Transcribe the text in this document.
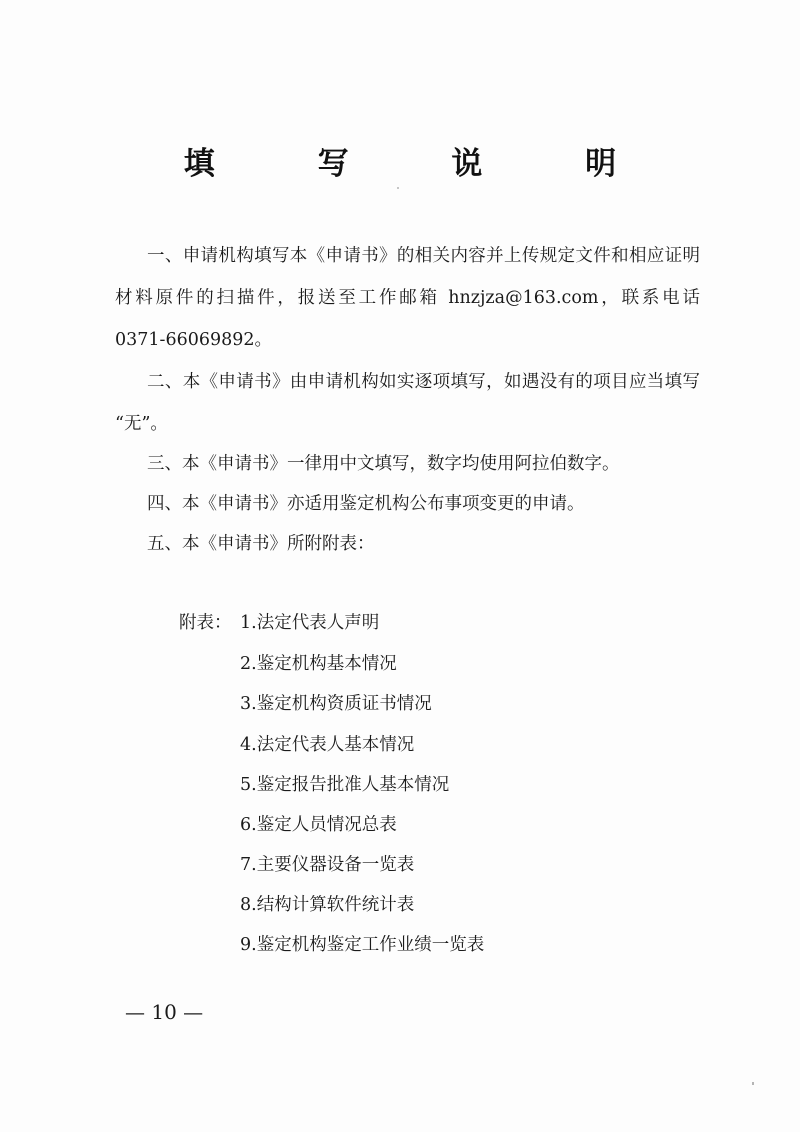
填 写 说 明
一、申请机构填写本《申请书》的相关内容并上传规定文件和相应证明
材料原件的扫描件，报送至工作邮箱 hnzjza@163.com，联系电话
0371-66069892。
二、本《申请书》由申请机构如实逐项填写，如遇没有的项目应当填写
“无”。
三、本《申请书》一律用中文填写，数字均使用阿拉伯数字。
四、本《申请书》亦适用鉴定机构公布事项变更的申请。
五、本《申请书》所附附表：
附表： 1.法定代表人声明
2.鉴定机构基本情况
3.鉴定机构资质证书情况
4.法定代表人基本情况
5.鉴定报告批准人基本情况
6.鉴定人员情况总表
7.主要仪器设备一览表
8.结构计算软件统计表
9.鉴定机构鉴定工作业绩一览表
— 10 —
